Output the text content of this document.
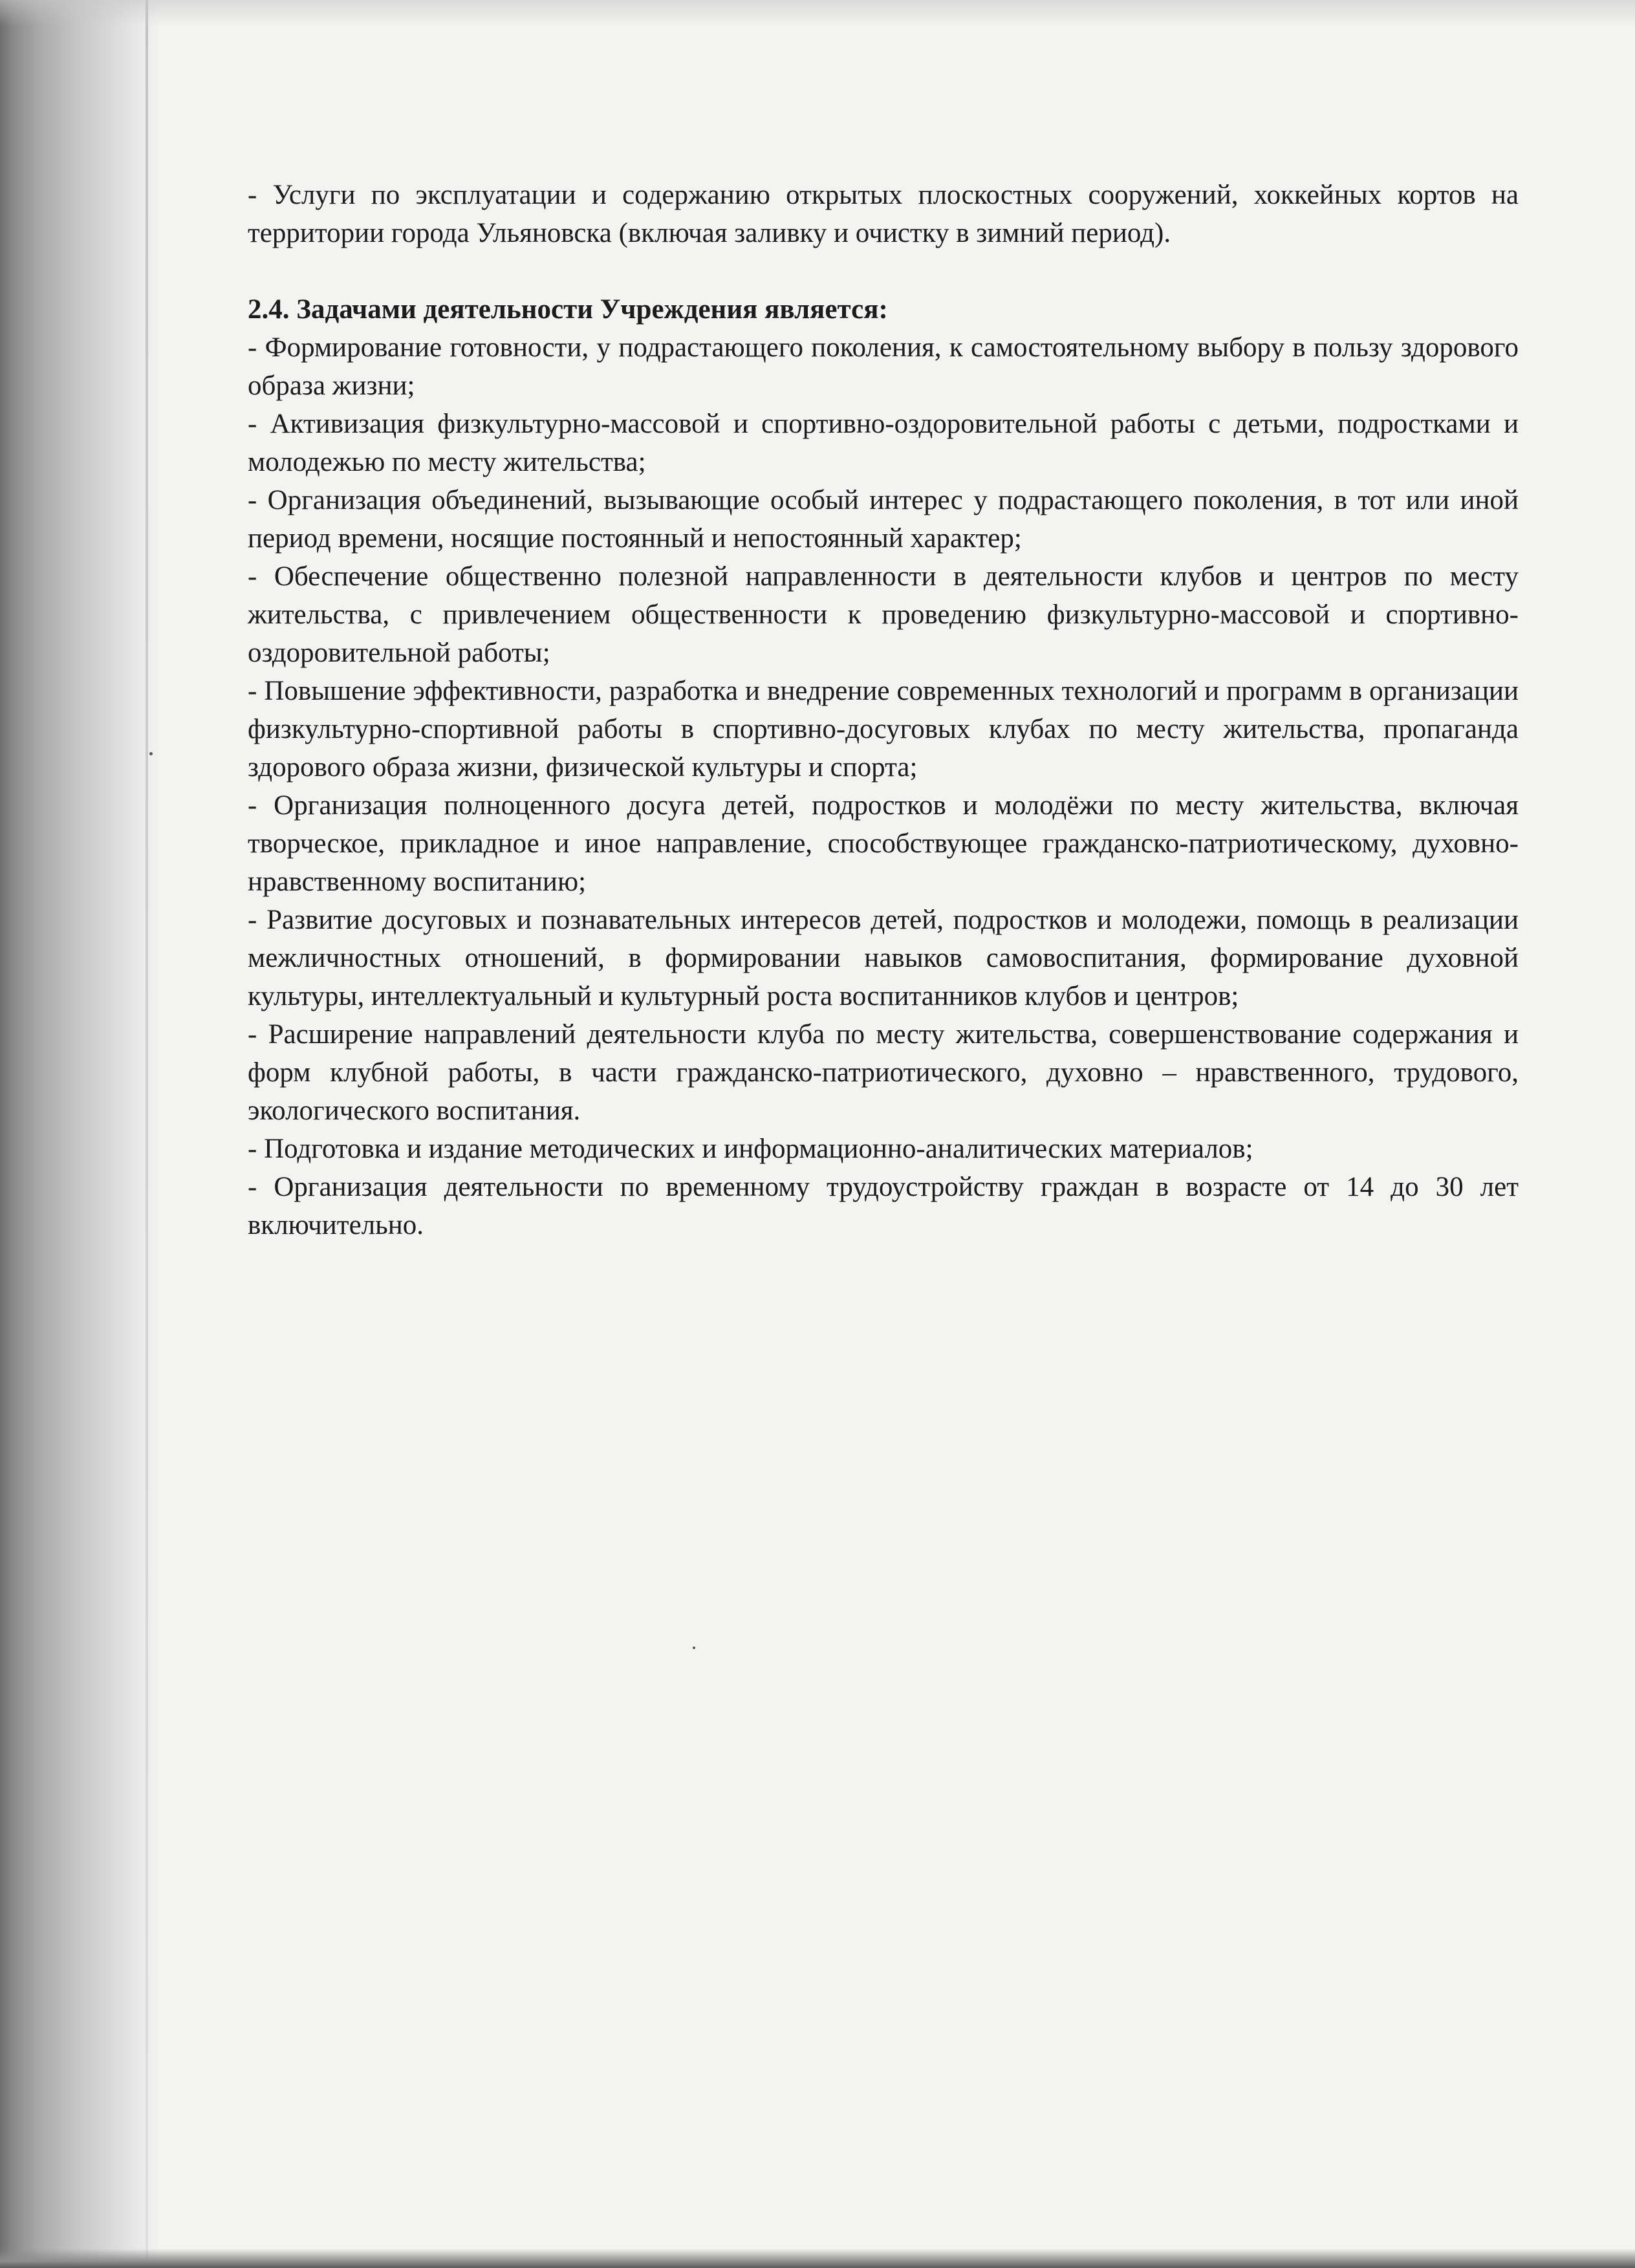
- Услуги по эксплуатации и содержанию открытых плоскостных сооружений, хоккейных кортов на территории города Ульяновска (включая заливку и очистку в зимний период).

2.4. Задачами деятельности Учреждения является:

- Формирование готовности, у подрастающего поколения, к самостоятельному выбору в пользу здорового образа жизни;

- Активизация физкультурно-массовой и спортивно-оздоровительной работы с детьми, подростками и молодежью по месту жительства;

- Организация объединений, вызывающие особый интерес у подрастающего поколения, в тот или иной период времени, носящие постоянный и непостоянный характер;

- Обеспечение общественно полезной направленности в деятельности клубов и центров по месту жительства, с привлечением общественности к проведению физкультурно-массовой и спортивно-оздоровительной работы;

- Повышение эффективности, разработка и внедрение современных технологий и программ в организации физкультурно-спортивной работы в спортивно-досуговых клубах по месту жительства, пропаганда здорового образа жизни, физической культуры и спорта;

- Организация полноценного досуга детей, подростков и молодёжи по месту жительства, включая творческое, прикладное и иное направление, способствующее гражданско-патриотическому, духовно-нравственному воспитанию;

- Развитие досуговых и познавательных интересов детей, подростков и молодежи, помощь в реализации межличностных отношений, в формировании навыков самовоспитания, формирование духовной культуры, интеллектуальный и культурный роста воспитанников клубов и центров;

- Расширение направлений деятельности клуба по месту жительства, совершенствование содержания и форм клубной работы, в части гражданско-патриотического, духовно – нравственного, трудового, экологического воспитания.

- Подготовка и издание методических и информационно-аналитических материалов;

- Организация деятельности по временному трудоустройству граждан в возрасте от 14 до 30 лет включительно.
